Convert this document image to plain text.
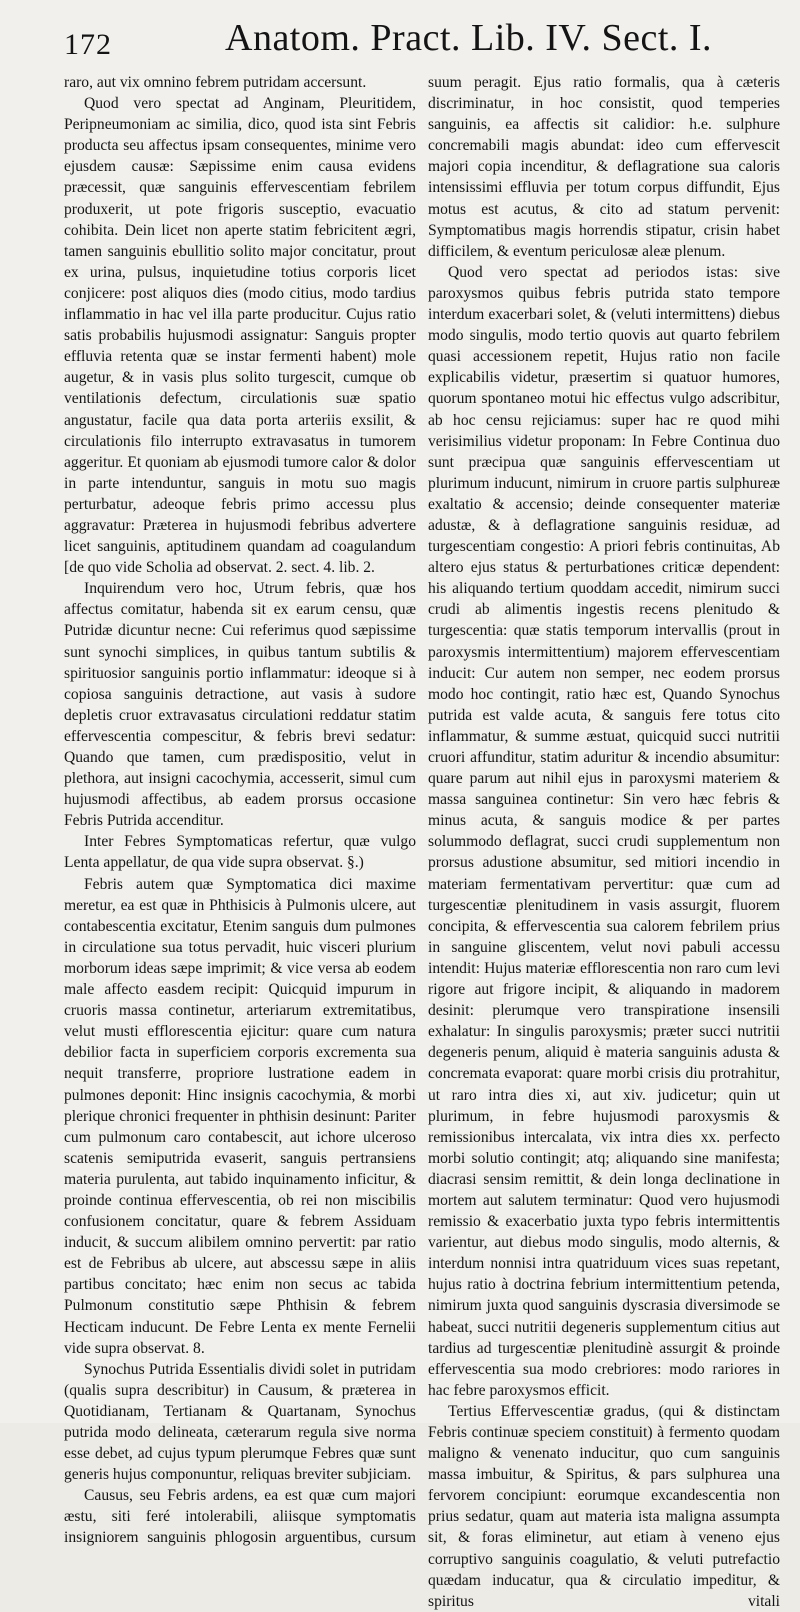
172	Anatom. Pract. Lib. IV. Sect. I.

raro, aut vix omnino febrem putridam accersunt.

Quod vero spectat ad Anginam, Pleuritidem, Peripneumoniam ac similia, dico, quod ista sint Febris producta seu affectus ipsam consequentes, minime vero ejusdem causæ: Sæpissime enim causa evidens præcessit, quæ sanguinis effervescentiam febrilem produxerit, ut pote frigoris susceptio, evacuatio cohibita. Dein licet non aperte statim febricitent ægri, tamen sanguinis ebullitio solito major concitatur, prout ex urina, pulsus, inquietudine totius corporis licet conjicere: post aliquos dies (modo citius, modo tardius inflammatio in hac vel illa parte producitur. Cujus ratio satis probabilis hujusmodi assignatur: Sanguis propter effluvia retenta quæ se instar fermenti habent) mole augetur, & in vasis plus solito turgescit, cumque ob ventilationis defectum, circulationis suæ spatio angustatur, facile qua data porta arteriis exsilit, & circulationis filo interrupto extravasatus in tumorem aggeritur. Et quoniam ab ejusmodi tumore calor & dolor in parte intenduntur, sanguis in motu suo magis perturbatur, adeoque febris primo accessu plus aggravatur: Præterea in hujusmodi febribus advertere licet sanguinis, aptitudinem quandam ad coagulandum [de quo vide Scholia ad observat. 2. sect. 4. lib. 2.

Inquirendum vero hoc, Utrum febris, quæ hos affectus comitatur, habenda sit ex earum censu, quæ Putridæ dicuntur necne: Cui referimus quod sæpissime sunt synochi simplices, in quibus tantum subtilis & spirituosior sanguinis portio inflammatur: ideoque si à copiosa sanguinis detractione, aut vasis à sudore depletis cruor extravasatus circulationi reddatur statim effervescentia compescitur, & febris brevi sedatur: Quando que tamen, cum prædispositio, velut in plethora, aut insigni cacochymia, accesserit, simul cum hujusmodi affectibus, ab eadem prorsus occasione Febris Putrida accenditur.

Inter Febres Symptomaticas refertur, quæ vulgo Lenta appellatur, de qua vide supra observat. §.)

Febris autem quæ Symptomatica dici maxime meretur, ea est quæ in Phthisicis à Pulmonis ulcere, aut contabescentia excitatur, Etenim sanguis dum pulmones in circulatione sua totus pervadit, huic visceri plurium morborum ideas sæpe imprimit; & vice versa ab eodem male affecto easdem recipit: Quicquid impurum in cruoris massa continetur, arteriarum extremitatibus, velut musti efflorescentia ejicitur: quare cum natura debilior facta in superficiem corporis excrementa sua nequit transferre, propriore lustratione eadem in pulmones deponit: Hinc insignis cacochymia, & morbi plerique chronici frequenter in phthisin desinunt: Pariter cum pulmonum caro contabescit, aut ichore ulceroso scatenis semiputrida evaserit, sanguis pertransiens materia purulenta, aut tabido inquinamento inficitur, & proinde continua effervescentia, ob rei non miscibilis confusionem concitatur, quare & febrem Assiduam inducit, & succum alibilem omnino pervertit: par ratio est de Febribus ab ulcere, aut abscessu sæpe in aliis partibus concitato; hæc enim non secus ac tabida Pulmonum constitutio sæpe Phthisin & febrem Hecticam inducunt. De Febre Lenta ex mente Fernelii vide supra observat. 8.

Synochus Putrida Essentialis dividi solet in putridam (qualis supra describitur) in Causum, & præterea in Quotidianam, Tertianam & Quartanam, Synochus putrida modo delineata, cæterarum regula sive norma esse debet, ad cujus typum plerumque Febres quæ sunt generis hujus componuntur, reliquas breviter subjiciam.

Causus, seu Febris ardens, ea est quæ cum majori æstu, siti feré intolerabili, aliisque symptomatis insigniorem sanguinis phlogosin arguentibus, cursum

suum peragit. Ejus ratio formalis, qua à cæteris discriminatur, in hoc consistit, quod temperies sanguinis, ea affectis sit calidior: h.e. sulphure concremabili magis abundat: ideo cum effervescit majori copia incenditur, & deflagratione sua caloris intensissimi effluvia per totum corpus diffundit, Ejus motus est acutus, & cito ad statum pervenit: Symptomatibus magis horrendis stipatur, crisin habet difficilem, & eventum periculosæ aleæ plenum.

Quod vero spectat ad periodos istas: sive paroxysmos quibus febris putrida stato tempore interdum exacerbari solet, & (veluti intermittens) diebus modo singulis, modo tertio quovis aut quarto febrilem quasi accessionem repetit, Hujus ratio non facile explicabilis videtur, præsertim si quatuor humores, quorum spontaneo motui hic effectus vulgo adscribitur, ab hoc censu rejiciamus: super hac re quod mihi verisimilius videtur proponam: In Febre Continua duo sunt præcipua quæ sanguinis effervescentiam ut plurimum inducunt, nimirum in cruore partis sulphureæ exaltatio & accensio; deinde consequenter materiæ adustæ, & à deflagratione sanguinis residuæ, ad turgescentiam congestio: A priori febris continuitas, Ab altero ejus status & perturbationes criticæ dependent: his aliquando tertium quoddam accedit, nimirum succi crudi ab alimentis ingestis recens plenitudo & turgescentia: quæ statis temporum intervallis (prout in paroxysmis intermittentium) majorem effervescentiam inducit: Cur autem non semper, nec eodem prorsus modo hoc contingit, ratio hæc est, Quando Synochus putrida est valde acuta, & sanguis fere totus cito inflammatur, & summe æstuat, quicquid succi nutritii cruori affunditur, statim aduritur & incendio absumitur: quare parum aut nihil ejus in paroxysmi materiem & massa sanguinea continetur: Sin vero hæc febris & minus acuta, & sanguis modice & per partes solummodo deflagrat, succi crudi supplementum non prorsus adustione absumitur, sed mitiori incendio in materiam fermentativam pervertitur: quæ cum ad turgescentiæ plenitudinem in vasis assurgit, fluorem concipita, & effervescentia sua calorem febrilem prius in sanguine gliscentem, velut novi pabuli accessu intendit: Hujus materiæ efflorescentia non raro cum levi rigore aut frigore incipit, & aliquando in madorem desinit: plerumque vero transpiratione insensili exhalatur: In singulis paroxysmis; præter succi nutritii degeneris penum, aliquid è materia sanguinis adusta & concremata evaporat: quare morbi crisis diu protrahitur, ut raro intra dies xi, aut xiv. judicetur; quin ut plurimum, in febre hujusmodi paroxysmis & remissionibus intercalata, vix intra dies xx. perfecto morbi solutio contingit; atq; aliquando sine manifesta; diacrasi sensim remittit, & dein longa declinatione in mortem aut salutem terminatur: Quod vero hujusmodi remissio & exacerbatio juxta typo febris intermittentis varientur, aut diebus modo singulis, modo alternis, & interdum nonnisi intra quatriduum vices suas repetant, hujus ratio à doctrina febrium intermittentium petenda, nimirum juxta quod sanguinis dyscrasia diversimode se habeat, succi nutritii degeneris supplementum citius aut tardius ad turgescentiæ plenitudinè assurgit & proinde effervescentia sua modo crebriores: modo rariores in hac febre paroxysmos efficit.

Tertius Effervescentiæ gradus, (qui & distinctam Febris continuæ speciem constituit) à fermento quodam maligno & venenato inducitur, quo cum sanguinis massa imbuitur, & Spiritus, & pars sulphurea una fervorem concipiunt: eorumque excandescentia non prius sedatur, quam aut materia ista maligna assumpta sit, & foras eliminetur, aut etiam à veneno ejus corruptivo sanguinis coagulatio, & veluti putrefactio quædam inducatur, qua & circulatio impeditur, & spiritus vitali
